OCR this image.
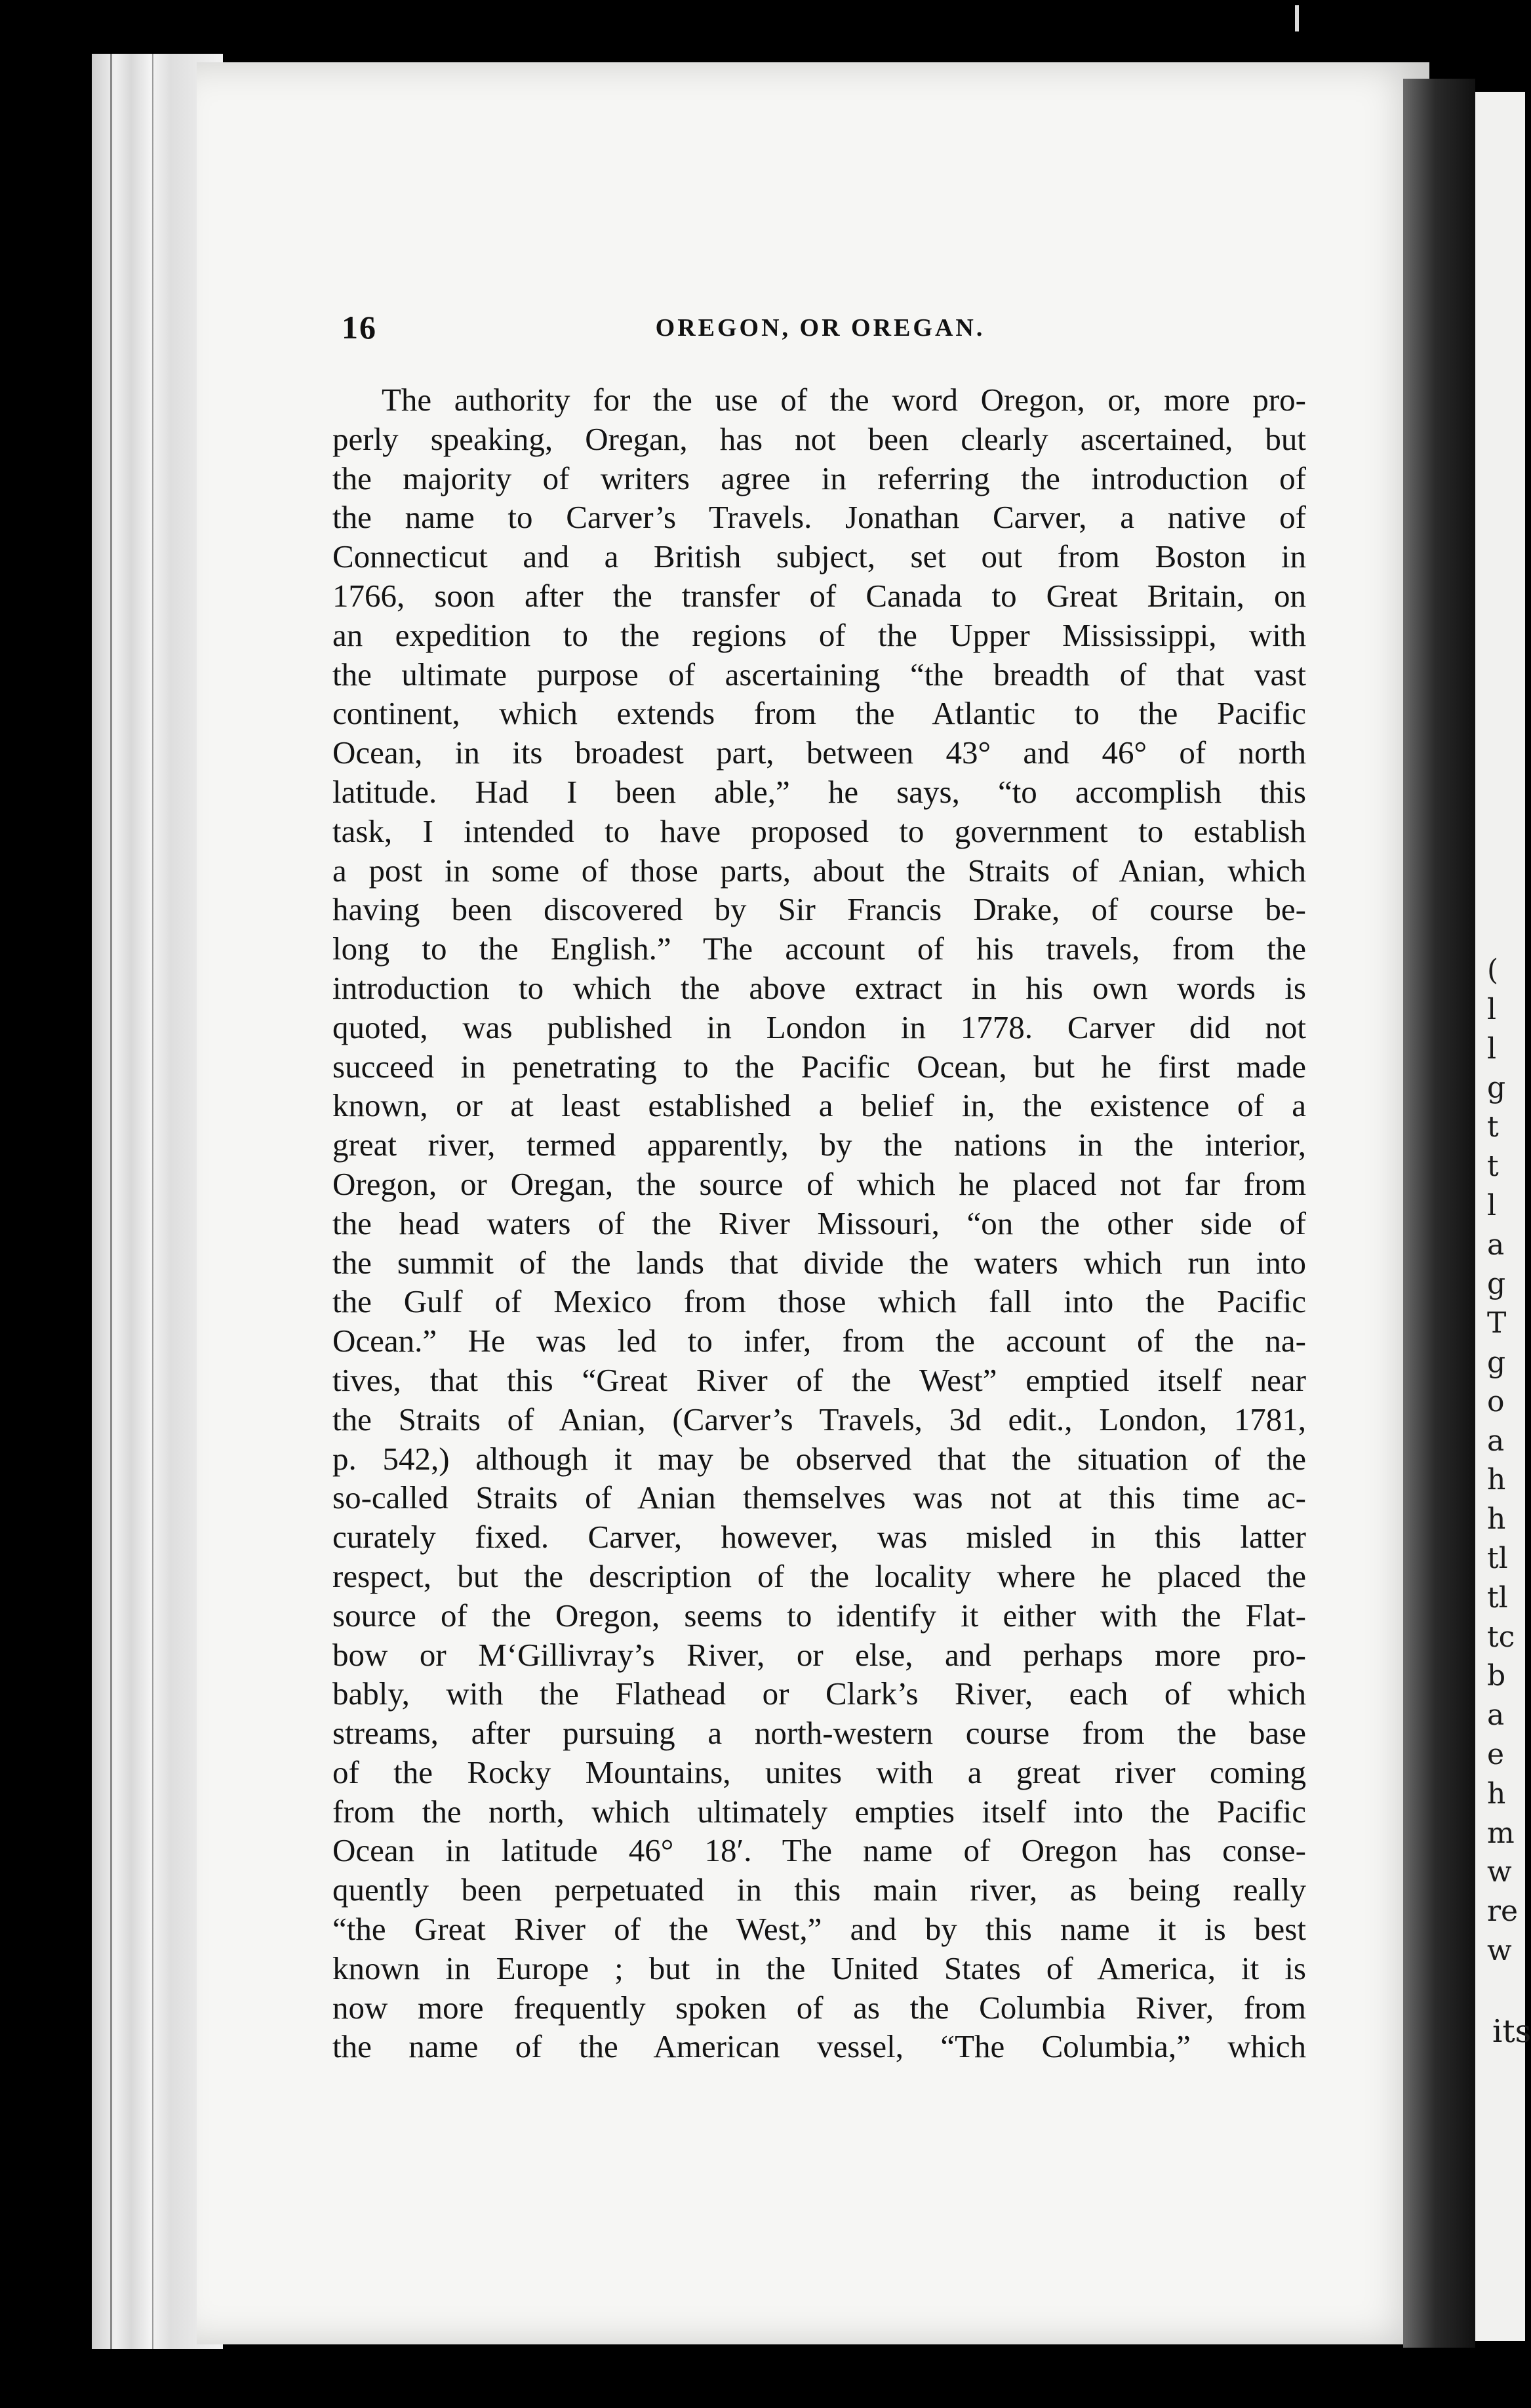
(
l
l
g
t
t
l
a
g
T
g
o
a
h
h
tl
tl
tc
b
a
e
h
m
w
re
w
its
16	OREGON, OR OREGAN.
The authority for the use of the word Oregon, or, more pro-
perly speaking, Oregan, has not been clearly ascertained, but
the majority of writers agree in referring the introduction of
the name to Carver’s Travels. Jonathan Carver, a native of
Connecticut and a British subject, set out from Boston in
1766, soon after the transfer of Canada to Great Britain, on
an expedition to the regions of the Upper Mississippi, with
the ultimate purpose of ascertaining “the breadth of that vast
continent, which extends from the Atlantic to the Pacific
Ocean, in its broadest part, between 43° and 46° of north
latitude. Had I been able,” he says, “to accomplish this
task, I intended to have proposed to government to establish
a post in some of those parts, about the Straits of Anian, which
having been discovered by Sir Francis Drake, of course be-
long to the English.” The account of his travels, from the
introduction to which the above extract in his own words is
quoted, was published in London in 1778. Carver did not
succeed in penetrating to the Pacific Ocean, but he first made
known, or at least established a belief in, the existence of a
great river, termed apparently, by the nations in the interior,
Oregon, or Oregan, the source of which he placed not far from
the head waters of the River Missouri, “on the other side of
the summit of the lands that divide the waters which run into
the Gulf of Mexico from those which fall into the Pacific
Ocean.” He was led to infer, from the account of the na-
tives, that this “Great River of the West” emptied itself near
the Straits of Anian, (Carver’s Travels, 3d edit., London, 1781,
p. 542,) although it may be observed that the situation of the
so-called Straits of Anian themselves was not at this time ac-
curately fixed. Carver, however, was misled in this latter
respect, but the description of the locality where he placed the
source of the Oregon, seems to identify it either with the Flat-
bow or M‘Gillivray’s River, or else, and perhaps more pro-
bably, with the Flathead or Clark’s River, each of which
streams, after pursuing a north-western course from the base
of the Rocky Mountains, unites with a great river coming
from the north, which ultimately empties itself into the Pacific
Ocean in latitude 46° 18′. The name of Oregon has conse-
quently been perpetuated in this main river, as being really
“the Great River of the West,” and by this name it is best
known in Europe ; but in the United States of America, it is
now more frequently spoken of as the Columbia River, from
the name of the American vessel, “The Columbia,” which
